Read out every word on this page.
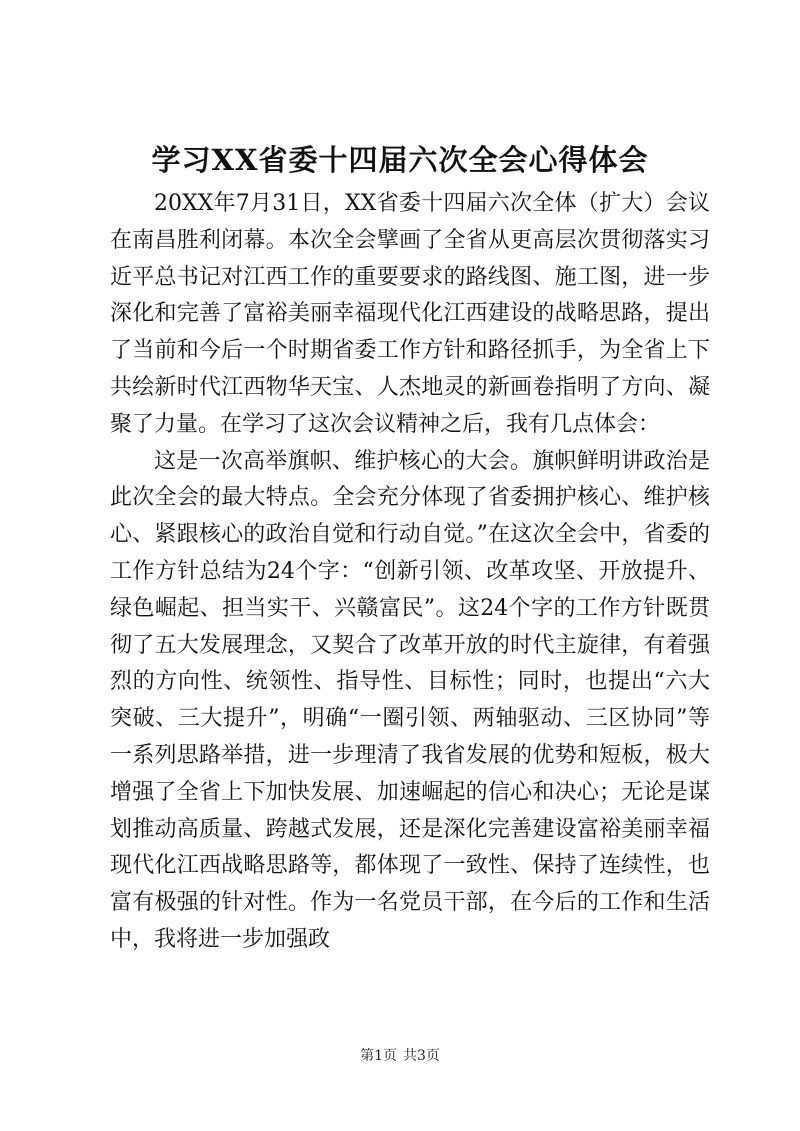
学习XX省委十四届六次全会心得体会

20XX年7月31日，XX省委十四届六次全体（扩大）会议在南昌胜利闭幕。本次全会擘画了全省从更高层次贯彻落实习近平总书记对江西工作的重要要求的路线图、施工图，进一步深化和完善了富裕美丽幸福现代化江西建设的战略思路，提出了当前和今后一个时期省委工作方针和路径抓手，为全省上下共绘新时代江西物华天宝、人杰地灵的新画卷指明了方向、凝聚了力量。在学习了这次会议精神之后，我有几点体会：

这是一次高举旗帜、维护核心的大会。旗帜鲜明讲政治是此次全会的最大特点。全会充分体现了省委拥护核心、维护核心、紧跟核心的政治自觉和行动自觉。”在这次全会中，省委的工作方针总结为24个字：“创新引领、改革攻坚、开放提升、绿色崛起、担当实干、兴赣富民”。这24个字的工作方针既贯彻了五大发展理念，又契合了改革开放的时代主旋律，有着强烈的方向性、统领性、指导性、目标性；同时，也提出“六大突破、三大提升”，明确“一圈引领、两轴驱动、三区协同”等一系列思路举措，进一步理清了我省发展的优势和短板，极大增强了全省上下加快发展、加速崛起的信心和决心；无论是谋划推动高质量、跨越式发展，还是深化完善建设富裕美丽幸福现代化江西战略思路等，都体现了一致性、保持了连续性，也富有极强的针对性。作为一名党员干部，在今后的工作和生活中，我将进一步加强政

第1页 共3页
